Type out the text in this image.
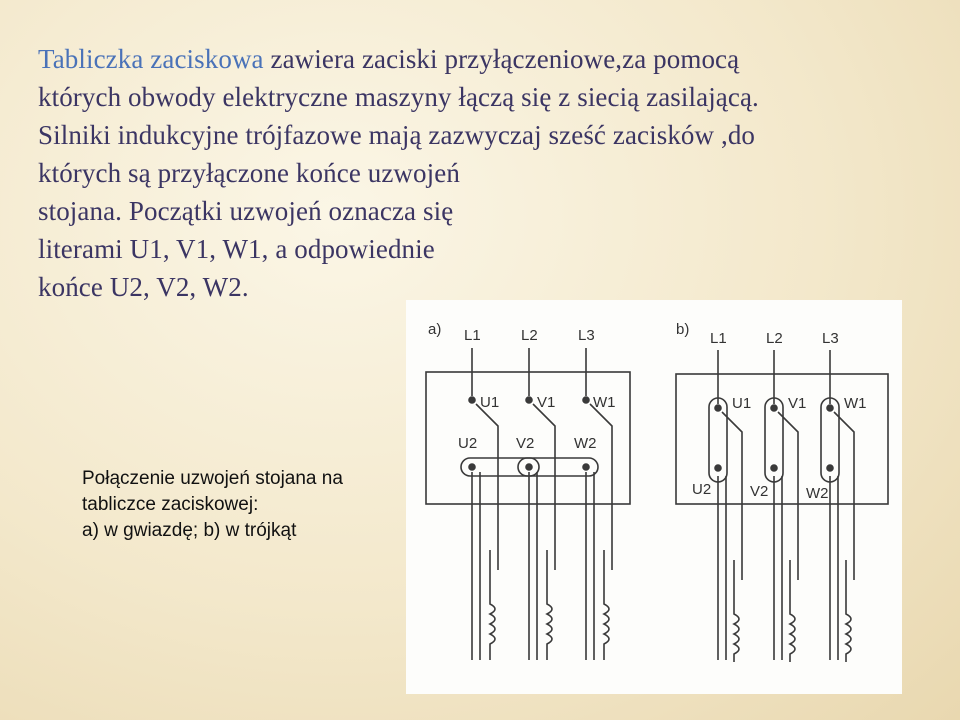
Tabliczka zaciskowa zawiera zaciski przyłączeniowe,za pomocą
których obwody elektryczne maszyny łączą się z siecią zasilającą.
Silniki indukcyjne trójfazowe mają zazwyczaj sześć zacisków ,do
których są przyłączone końce uzwojeń
stojana. Początki uzwojeń oznacza się
literami U1, V1, W1, a odpowiednie
końce U2, V2, W2.
a) L1	L2	L3
U1	V1	W1
U2	V2	W2
b)
L1	L2	L3
U1 V1	W1
U2	V2	W2
Połączenie uzwojeń stojana na
tabliczce zaciskowej:
a) w gwiazdę; b) w trójkąt
